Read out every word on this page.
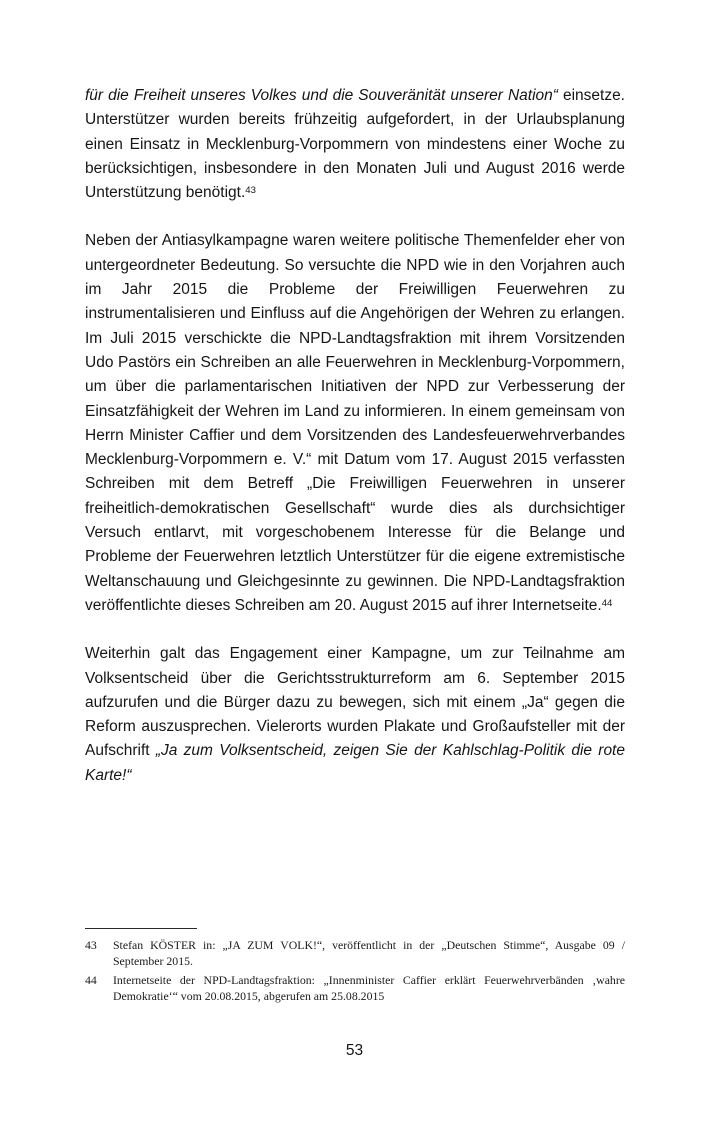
für die Freiheit unseres Volkes und die Souveränität unserer Nation“ einsetze. Unterstützer wurden bereits frühzeitig aufgefordert, in der Urlaubsplanung einen Einsatz in Mecklenburg-Vorpommern von mindestens einer Woche zu berücksichtigen, insbesondere in den Monaten Juli und August 2016 werde Unterstützung benötigt.$^{43}$

Neben der Antiasylkampagne waren weitere politische Themenfelder eher von untergeordneter Bedeutung. So versuchte die NPD wie in den Vorjahren auch im Jahr 2015 die Probleme der Freiwilligen Feuerwehren zu instrumentalisieren und Einfluss auf die Angehörigen der Wehren zu erlangen. Im Juli 2015 verschickte die NPD-Landtagsfraktion mit ihrem Vorsitzenden Udo Pastörs ein Schreiben an alle Feuerwehren in Mecklenburg-Vorpommern, um über die parlamentarischen Initiativen der NPD zur Verbesserung der Einsatzfähigkeit der Wehren im Land zu informieren. In einem gemeinsam von Herrn Minister Caffier und dem Vorsitzenden des Landesfeuerwehrverbandes Mecklenburg-Vorpommern e. V.“ mit Datum vom 17. August 2015 verfassten Schreiben mit dem Betreff „Die Freiwilligen Feuerwehren in unserer freiheitlich-demokratischen Gesellschaft“ wurde dies als durchsichtiger Versuch entlarvt, mit vorgeschobenem Interesse für die Belange und Probleme der Feuerwehren letztlich Unterstützer für die eigene extremistische Weltanschauung und Gleichgesinnte zu gewinnen. Die NPD-Landtagsfraktion veröffentlichte dieses Schreiben am 20. August 2015 auf ihrer Internetseite.$^{44}$

Weiterhin galt das Engagement einer Kampagne, um zur Teilnahme am Volksentscheid über die Gerichtsstrukturreform am 6. September 2015 aufzurufen und die Bürger dazu zu bewegen, sich mit einem „Ja“ gegen die Reform auszusprechen. Vielerorts wurden Plakate und Großaufsteller mit der Aufschrift „Ja zum Volksentscheid, zeigen Sie der Kahlschlag-Politik die rote Karte!“

43	Stefan KÖSTER in: „JA ZUM VOLK!“, veröffentlicht in der „Deutschen Stimme“, Ausgabe 09 / September 2015.
44	Internetseite der NPD-Landtagsfraktion: „Innenminister Caffier erklärt Feuerwehrverbänden ‚wahre Demokratie‘“ vom 20.08.2015, abgerufen am 25.08.2015
53
